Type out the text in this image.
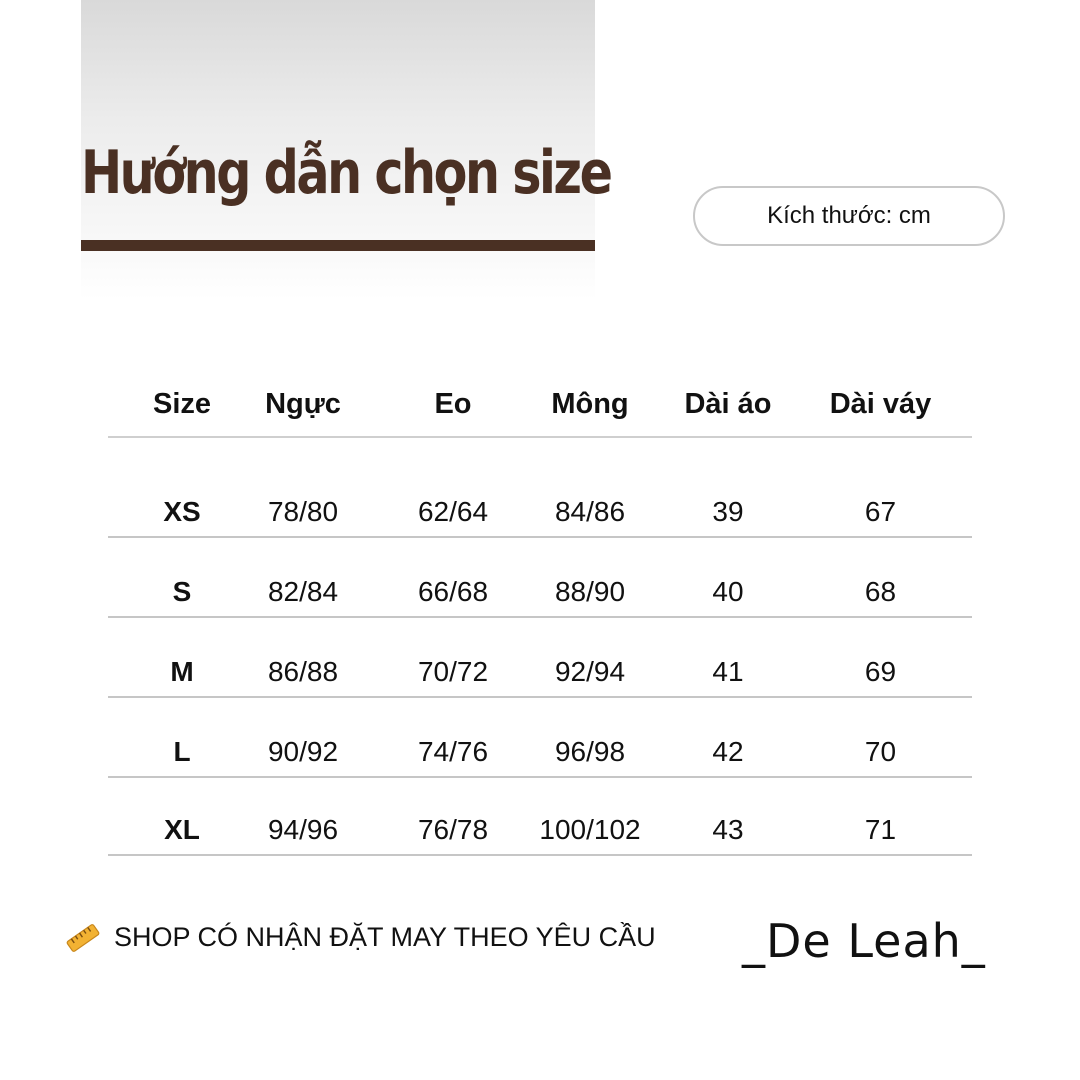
Hướng dẫn chọn size
Kích thước: cm
Size	Ngực	Eo	Mông	Dài áo	Dài váy
XS	78/80	62/64	84/86	39	67
S	82/84	66/68	88/90	40	68
M	86/88	70/72	92/94	41	69
L	90/92	74/76	96/98	42	70
XL	94/96	76/78	100/102	43	71
SHOP CÓ NHẬN ĐẶT MAY THEO YÊU CẦU _De Leah_
